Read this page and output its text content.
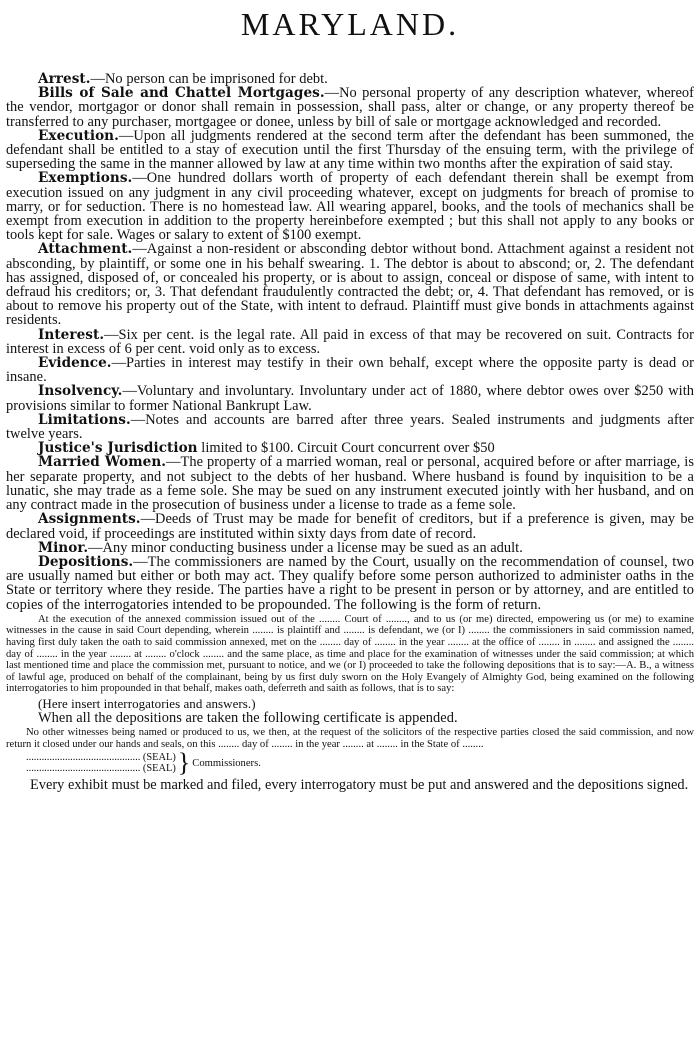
MARYLAND.

Arrest.—No person can be imprisoned for debt.

Bills of Sale and Chattel Mortgages.—No personal property of any description whatever, whereof the vendor, mortgagor or donor shall remain in possession, shall pass, alter or change, or any property thereof be transferred to any purchaser, mortgagee or donee, unless by bill of sale or mortgage acknowledged and recorded.

Execution.—Upon all judgments rendered at the second term after the defendant has been summoned, the defendant shall be entitled to a stay of execution until the first Thursday of the ensuing term, with the privilege of superseding the same in the manner allowed by law at any time within two months after the expiration of said stay.

Exemptions.—One hundred dollars worth of property of each defendant therein shall be exempt from execution issued on any judgment in any civil proceeding whatever, except on judgments for breach of promise to marry, or for seduction. There is no homestead law. All wearing apparel, books, and the tools of mechanics shall be exempt from execution in addition to the property hereinbefore exempted ; but this shall not apply to any books or tools kept for sale. Wages or salary to extent of $100 exempt.

Attachment.—Against a non-resident or absconding debtor without bond. Attachment against a resident not absconding, by plaintiff, or some one in his behalf swearing. 1. The debtor is about to abscond; or, 2. The defendant has assigned, disposed of, or concealed his property, or is about to assign, conceal or dispose of same, with intent to defraud his creditors; or, 3. That defendant fraudulently contracted the debt; or, 4. That defendant has removed, or is about to remove his property out of the State, with intent to defraud. Plaintiff must give bonds in attachments against residents.

Interest.—Six per cent. is the legal rate. All paid in excess of that may be recovered on suit. Contracts for interest in excess of 6 per cent. void only as to excess.

Evidence.—Parties in interest may testify in their own behalf, except where the opposite party is dead or insane.

Insolvency.—Voluntary and involuntary. Involuntary under act of 1880, where debtor owes over $250 with provisions similar to former National Bankrupt Law.

Limitations.—Notes and accounts are barred after three years. Sealed instruments and judgments after twelve years.

Justice's Jurisdiction limited to $100. Circuit Court concurrent over $50

Married Women.—The property of a married woman, real or personal, acquired before or after marriage, is her separate property, and not subject to the debts of her husband. Where husband is found by inquisition to be a lunatic, she may trade as a feme sole. She may be sued on any instrument executed jointly with her husband, and on any contract made in the prosecution of business under a license to trade as a feme sole.

Assignments.—Deeds of Trust may be made for benefit of creditors, but if a preference is given, may be declared void, if proceedings are instituted within sixty days from date of record.

Minor.—Any minor conducting business under a license may be sued as an adult.

Depositions.—The commissioners are named by the Court, usually on the recommendation of counsel, two are usually named but either or both may act. They qualify before some person authorized to administer oaths in the State or territory where they reside. The parties have a right to be present in person or by attorney, and are entitled to copies of the interrogatories intended to be propounded. The following is the form of return.

At the execution of the annexed commission issued out of the ........ Court of ........, and to us (or me) directed, empowering us (or me) to examine witnesses in the cause in said Court depending, wherein ........ is plaintiff and ........ is defendant, we (or I) ........ the commissioners in said commission named, having first duly taken the oath to said commission annexed, met on the ........ day of ........ in the year ........ at the office of ........ in ........ and assigned the ........ day of ........ in the year ........ at ........ o'clock ........ and the same place, as time and place for the examination of witnesses under the said commission; at which last mentioned time and place the commission met, pursuant to notice, and we (or I) proceeded to take the following depositions that is to say:—A. B., a witness of lawful age, produced on behalf of the complainant, being by us first duly sworn on the Holy Evangely of Almighty God, being examined on the following interrogatories to him propounded in that behalf, makes oath, deferreth and saith as follows, that is to say:

(Here insert interrogatories and answers.)

When all the depositions are taken the following certificate is appended.

No other witnesses being named or produced to us, we then, at the request of the solicitors of the respective parties closed the said commission, and now return it closed under our hands and seals, on this ........ day of ........ in the year ........ at ........ in the State of ........

............................................ (SEAL)
............................................ (SEAL) } Commissioners.

Every exhibit must be marked and filed, every interrogatory must be put and answered and the depositions signed.
